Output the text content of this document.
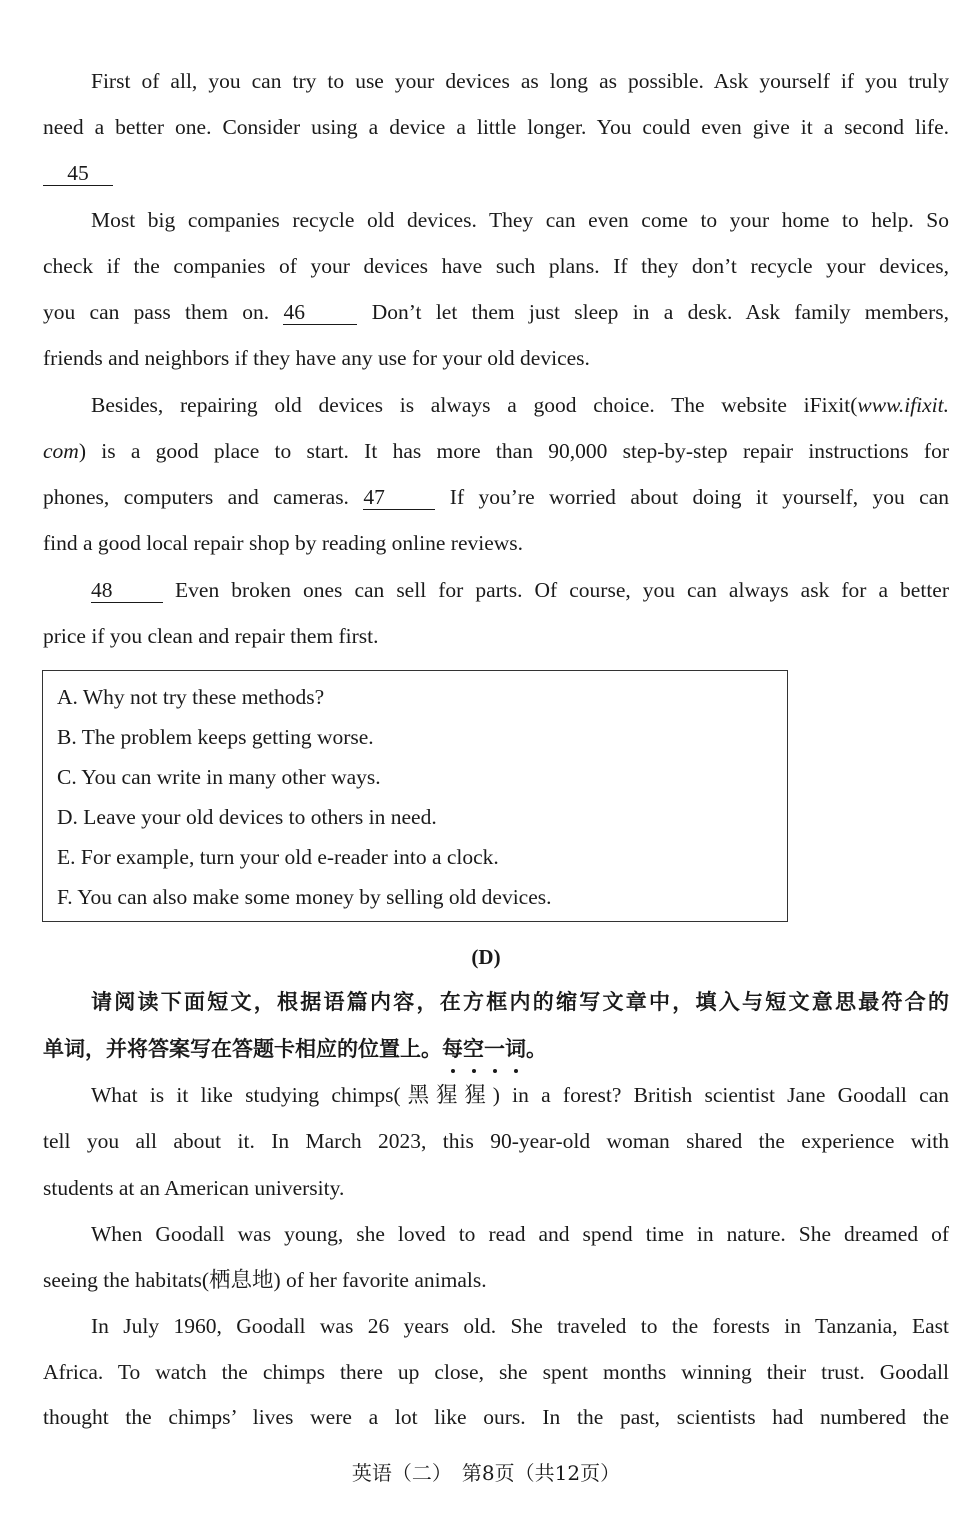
First of all, you can try to use your devices as long as possible. Ask yourself if you truly
need a better one. Consider using a device a little longer. You could even give it a second life.
45
Most big companies recycle old devices. They can even come to your home to help. So
check if the companies of your devices have such plans. If they don’t recycle your devices,
you can pass them on. 46	Don’t let them just sleep in a desk. Ask family members,
friends and neighbors if they have any use for your old devices.
Besides, repairing old devices is always a good choice. The website iFixit(www.ifixit.
com) is a good place to start. It has more than 90,000 step-by-step repair instructions for
phones, computers and cameras. 47	If you’re worried about doing it yourself, you can
find a good local repair shop by reading online reviews.
48	Even broken ones can sell for parts. Of course, you can always ask for a better
price if you clean and repair them first.
A. Why not try these methods?
B. The problem keeps getting worse.
C. You can write in many other ways.
D. Leave your old devices to others in need.
E. For example, turn your old e-reader into a clock.
F. You can also make some money by selling old devices.
(D)
请阅读下面短文，根据语篇内容，在方框内的缩写文章中，填入与短文意思最符合的
单词，并将答案写在答题卡相应的位置上。每空一词。
What is it like studying chimps(黑猩猩) in a forest? British scientist Jane Goodall can
tell you all about it. In March 2023, this 90-year-old woman shared the experience with
students at an American university.
When Goodall was young, she loved to read and spend time in nature. She dreamed of
seeing the habitats(栖息地) of her favorite animals.
In July 1960, Goodall was 26 years old. She traveled to the forests in Tanzania, East
Africa. To watch the chimps there up close, she spent months winning their trust. Goodall
thought the chimps’ lives were a lot like ours. In the past, scientists had numbered the
英语（二）　第8页（共12页）
